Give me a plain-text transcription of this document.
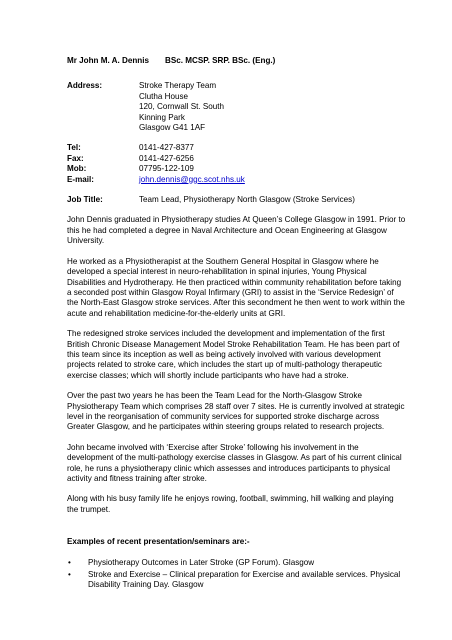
Mr John M. A. Dennis BSc. MCSP. SRP. BSc. (Eng.)
Address:	Stroke Therapy Team
Clutha House
120, Cornwall St. South
Kinning Park
Glasgow G41 1AF
Tel:	0141-427-8377
Fax:	0141-427-6256
Mob:	07795-122-109
E-mail:	john.dennis@ggc.scot.nhs.uk
Job Title:	Team Lead, Physiotherapy North Glasgow (Stroke Services)

John Dennis graduated in Physiotherapy studies At Queen’s College Glasgow in 1991. Prior to this he had completed a degree in Naval Architecture and Ocean Engineering at Glasgow University.

He worked as a Physiotherapist at the Southern General Hospital in Glasgow where he developed a special interest in neuro-rehabilitation in spinal injuries, Young Physical Disabilities and Hydrotherapy. He then practiced within community rehabilitation before taking a seconded post within Glasgow Royal Infirmary (GRI) to assist in the ‘Service Redesign’ of the North-East Glasgow stroke services. After this secondment he then went to work within the acute and rehabilitation medicine-for-the-elderly units at GRI.

The redesigned stroke services included the development and implementation of the first British Chronic Disease Management Model Stroke Rehabilitation Team. He has been part of this team since its inception as well as being actively involved with various development projects related to stroke care, which includes the start up of multi-pathology therapeutic exercise classes; which will shortly include participants who have had a stroke.

Over the past two years he has been the Team Lead for the North-Glasgow Stroke Physiotherapy Team which comprises 28 staff over 7 sites. He is currently involved at strategic level in the reorganisation of community services for supported stroke discharge across Greater Glasgow, and he participates within steering groups related to research projects.

John became involved with ‘Exercise after Stroke’ following his involvement in the development of the multi-pathology exercise classes in Glasgow. As part of his current clinical role, he runs a physiotherapy clinic which assesses and introduces participants to physical activity and fitness training after stroke.

Along with his busy family life he enjoys rowing, football, swimming, hill walking and playing the trumpet.

Examples of recent presentation/seminars are:-
• Physiotherapy Outcomes in Later Stroke (GP Forum). Glasgow
• Stroke and Exercise – Clinical preparation for Exercise and available services. Physical Disability Training Day. Glasgow
